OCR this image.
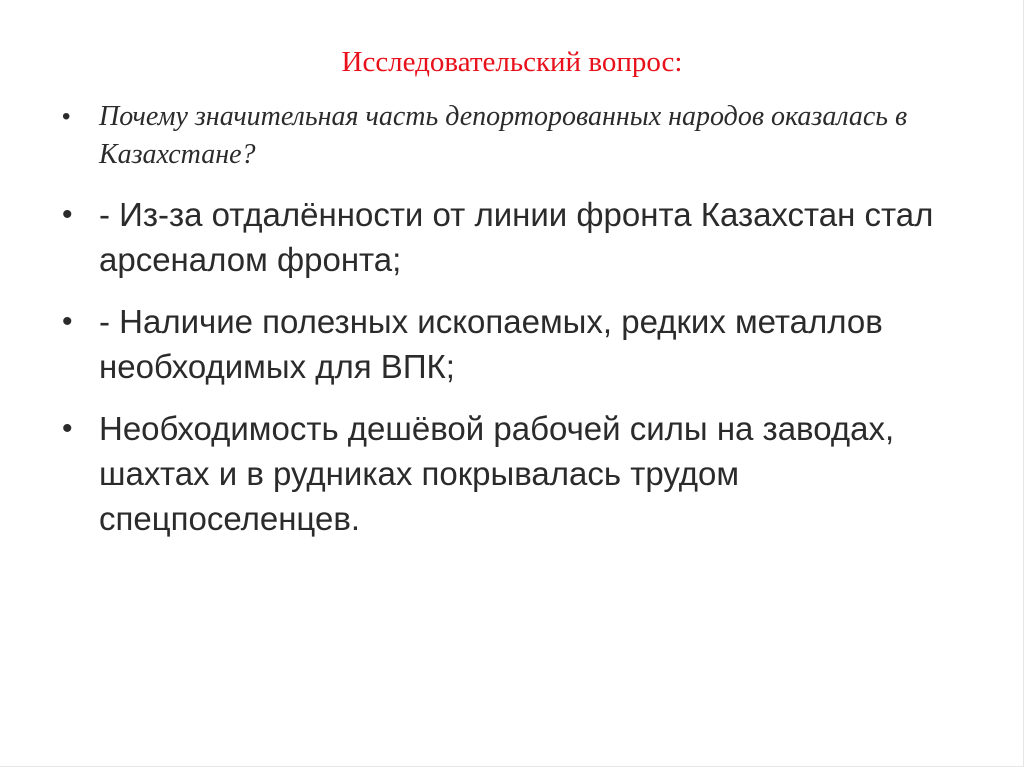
Исследовательский вопрос:
• Почему значительная часть депорторованных народов оказалась в Казахстане?
• - Из-за отдалённости от линии фронта Казахстан стал арсеналом фронта;
• - Наличие полезных ископаемых, редких металлов необходимых для ВПК;
• Необходимость дешёвой рабочей силы на заводах, шахтах и в рудниках покрывалась трудом спецпоселенцев.
